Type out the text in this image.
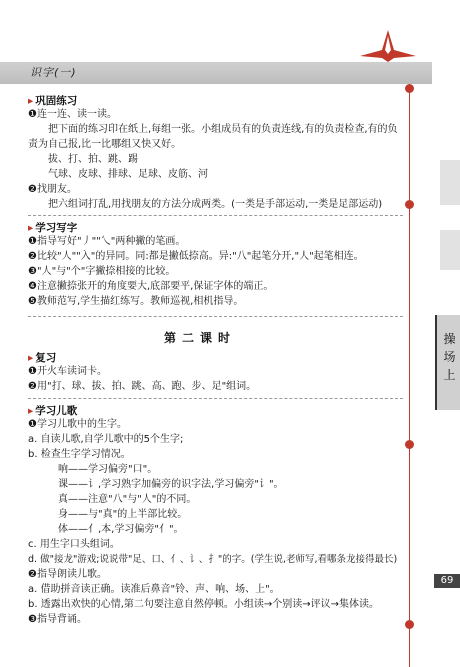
识字(一)
操
场
上
69
▸ 巩固练习
❶连一连、读一读。
把下面的练习印在纸上,每组一张。小组成员有的负责连线,有的负责检查,有的负
责为自己报,比一比哪组又快又好。
拔、打、拍、跳、踢
气球、皮球、排球、足球、皮筋、河
❷找朋友。
把六组词打乱,用找朋友的方法分成两类。(一类是手部运动,一类是足部运动)
▸ 学习写字
❶指导写好"丿""乀"两种撇的笔画。
❷比较"人""入"的异同。同:都是撇低捺高。异:"八"起笔分开,"人"起笔相连。
❸"人"与"个"字撇捺相接的比较。
❹注意撇捺张开的角度要大,底部要平,保证字体的端正。
❺教师范写,学生描红练写。教师巡视,相机指导。
第二课时
▸ 复习
❶开火车读词卡。
❷用"打、球、拔、拍、跳、高、跑、步、足"组词。
▸ 学习儿歌
❶学习儿歌中的生字。
a. 自读儿歌,自学儿歌中的5个生字;
b. 检查生字学习情况。
响——学习偏旁"口"。
课——讠,学习熟字加偏旁的识字法,学习偏旁"讠"。
真——注意"八"与"人"的不同。
身——与"真"的上半部比较。
体——亻,本,学习偏旁"亻"。
c. 用生字口头组词。
d. 做"接龙"游戏;说说带"足、口、亻、讠、扌"的字。(学生说,老师写,看哪条龙接得最长)
❷指导朗读儿歌。
a. 借助拼音读正确。读准后鼻音"铃、声、响、场、上"。
b. 透露出欢快的心情,第二句要注意自然停顿。小组读→个别读→评议→集体读。
❸指导背诵。
